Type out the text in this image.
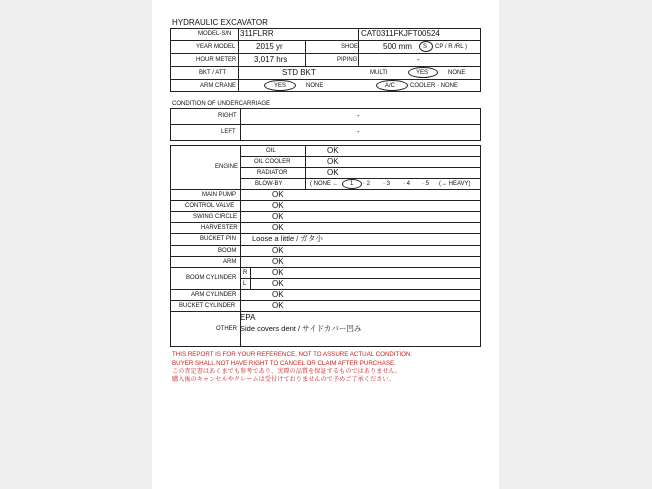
HYDRAULIC EXCAVATOR
MODEL-S/N 311FLRR	CAT0311FKJFT00524
YEAR MODEL	2015 yr	SHOE	500 mm S CP / R /RL )
HOUR METER 3,017 hrs	PIPING	-
BKT / ATT	STD BKT	MULTI	YES	NONE
ARM CRANE	YES	NONE	A/C COOLER · NONE
CONDITION OF UNDERCARRIAGE
RIGHT	-
LEFT	-
ENGINE
OIL	OK
OIL COOLER	OK
RADIATOR	OK
BLOW-BY	( NONE ← 1 · 2 · 3 · 4 · 5 (→ HEAVY)
MAIN PUMP	OK
CONTROL VALVE	OK
SWING CIRCLE	OK
HARVESTER	OK
BUCKET PIN Loose a little / ガタ小
BOOM	OK
ARM	OK
BOOM CYLINDER
R	OK
L	OK
ARM CYLINDER	OK
BUCKET CYLINDER	OK
OTHER
EPA
Side covers dent / サイドカバー凹み
THIS REPORT IS FOR YOUR REFERENCE, NOT TO ASSURE ACTUAL CONDITION.
BUYER SHALL NOT HAVE RIGHT TO CANCEL OR CLAIM AFTER PURCHASE.
この査定書はあくまでも参考であり、実際の品質を保証するものではありません。
購入後のキャンセルやクレームは受付けておりませんので予めご了承ください。
